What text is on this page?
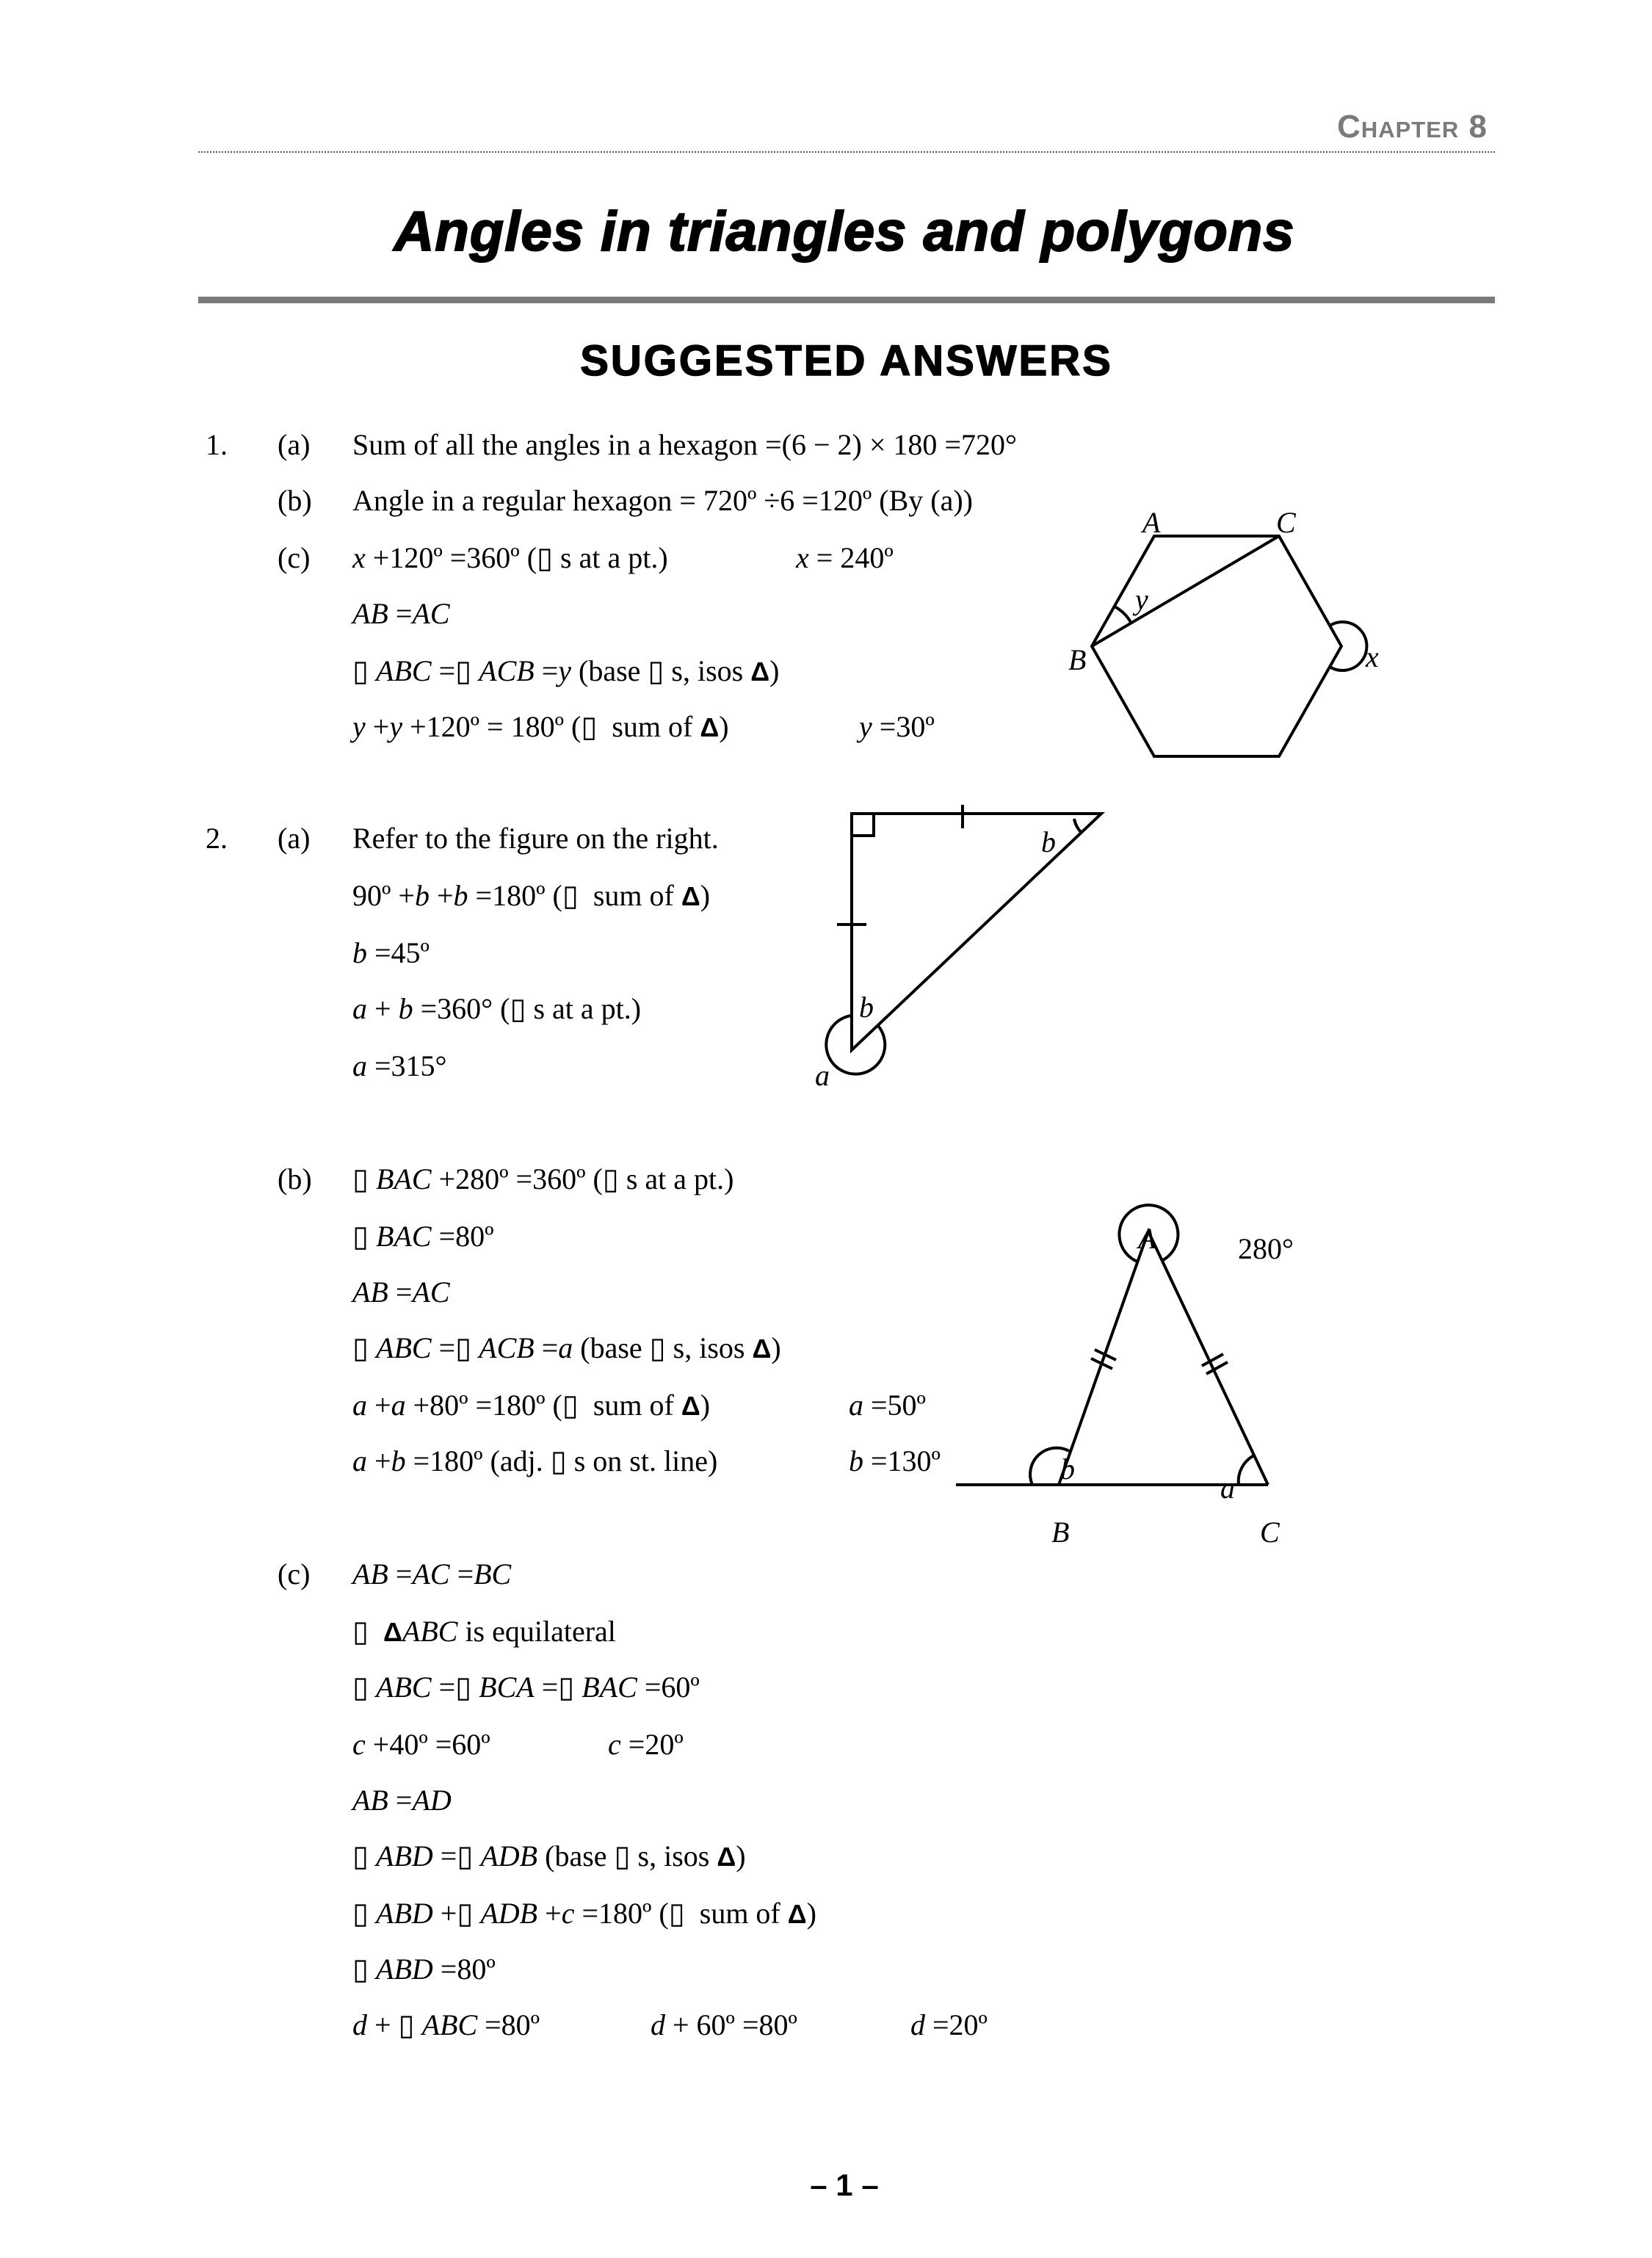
Chapter 8
Angles in triangles and polygons
SUGGESTED ANSWERS
1. (a) Sum of all the angles in a hexagon =(6 − 2) × 180 =720°
(b) Angle in a regular hexagon = 720º ÷6 =120º (By (a))
(c) x +120º =360º (▯ s at a pt.)	x = 240º
AB =AC
▯ ABC =▯ ACB =y (base ▯ s, isos Δ)
y +y +120º = 180º (▯  sum of Δ)	y =30º
2. (a) Refer to the figure on the right.
90º +b +b =180º (▯  sum of Δ)
b =45º
a + b =360° (▯ s at a pt.)
a =315°
(b) ▯ BAC +280º =360º (▯ s at a pt.)
▯ BAC =80º
AB =AC
▯ ABC =▯ ACB =a (base ▯ s, isos Δ)
a +a +80º =180º (▯  sum of Δ)	a =50º
a +b =180º (adj. ▯ s on st. line)	b =130º
(c) AB =AC =BC
▯  ΔABC is equilateral
▯ ABC =▯ BCA =▯ BAC =60º
c +40º =60º	c =20º
AB =AD
▯ ABD =▯ ADB (base ▯ s, isos Δ)
▯ ABD +▯ ADB +c =180º (▯  sum of Δ)
▯ ABD =80º
d + ▯ ABC =80º	d + 60º =80º	d =20º
A	C
B	x
y
b
b
a
A	280°
B	C
b
a
– 1 –
